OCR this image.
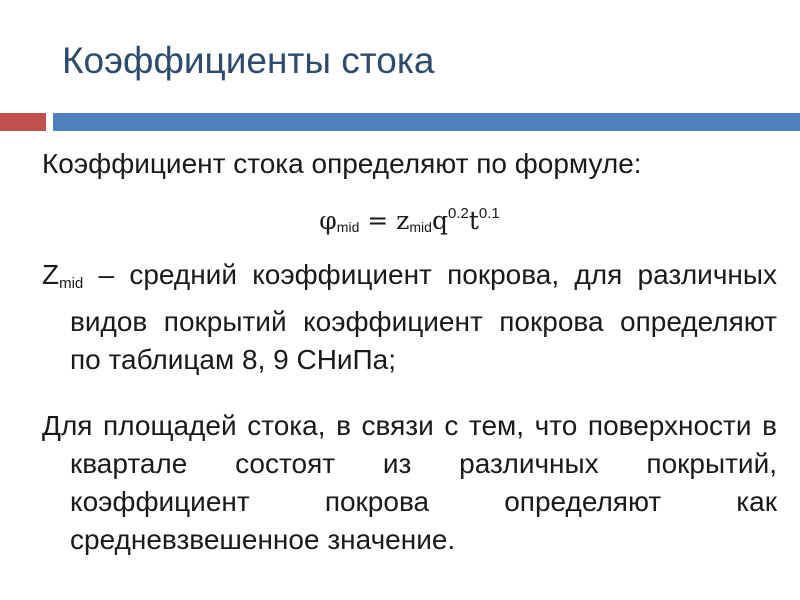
Коэффициенты стока
Коэффициент стока определяют по формуле:
$\varphi_{mid} = z_{mid}q^{0.2}t^{0.1}$

$Z_{mid}$ – средний коэффициент покрова, для различных видов покрытий коэффициент покрова определяют по таблицам 8, 9 СНиПа;

Для площадей стока, в связи с тем, что поверхности в квартале состоят из различных покрытий, коэффициент покрова определяют как средневзвешенное значение.
